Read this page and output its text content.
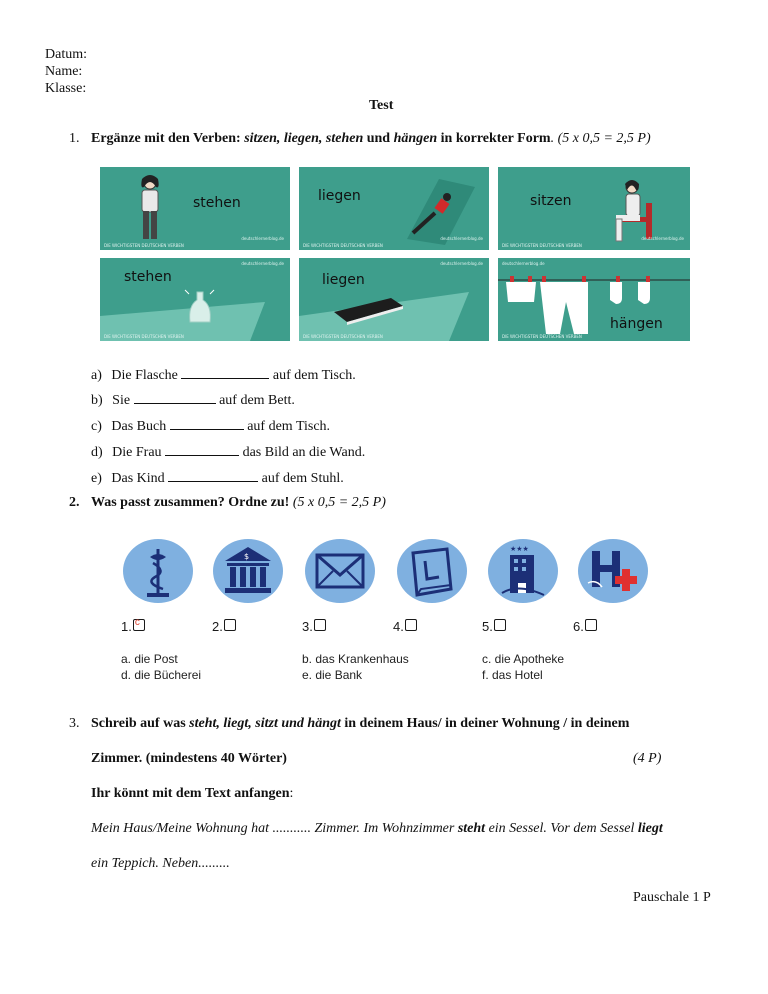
Datum:
Name:
Klasse:
Test
1. Ergänze mit den Verben: sitzen, liegen, stehen und hängen in korrekter Form. (5 x 0,5 = 2,5 P)
stehen
deutschlernerblog.de
DIE WICHTIGSTEN DEUTSCHEN VERBEN
liegen
deutschlernerblog.de
DIE WICHTIGSTEN DEUTSCHEN VERBEN
sitzen
deutschlernerblog.de
DIE WICHTIGSTEN DEUTSCHEN VERBEN
deutschlernerblog.de
stehen
DIE WICHTIGSTEN DEUTSCHEN VERBEN
deutschlernerblog.de
liegen
DIE WICHTIGSTEN DEUTSCHEN VERBEN
deutschlernerblog.de
hängen
DIE WICHTIGSTEN DEUTSCHEN VERBEN
a) Die Flasche	auf dem Tisch.
b) Sie	auf dem Bett.
c) Das Buch	auf dem Tisch.
d) Die Frau	das Bild an die Wand.
e) Das Kind	auf dem Stuhl.
2. Was passt zusammen? Ordne zu! (5 x 0,5 = 2,5 P)
$
★★★
1. c	2.	3.	4.	5.	6.
a. die Post	b. das Krankenhaus	c. die Apotheke
d. die Bücherei	e. die Bank	f. das Hotel
3. Schreib auf was steht, liegt, sitzt und hängt in deinem Haus/ in deiner Wohnung / in deinem
Zimmer. (mindestens 40 Wörter)	(4 P)
Ihr könnt mit dem Text anfangen:
Mein Haus/Meine Wohnung hat ........... Zimmer. Im Wohnzimmer steht ein Sessel. Vor dem Sessel liegt
ein Teppich. Neben.........
Pauschale 1 P
